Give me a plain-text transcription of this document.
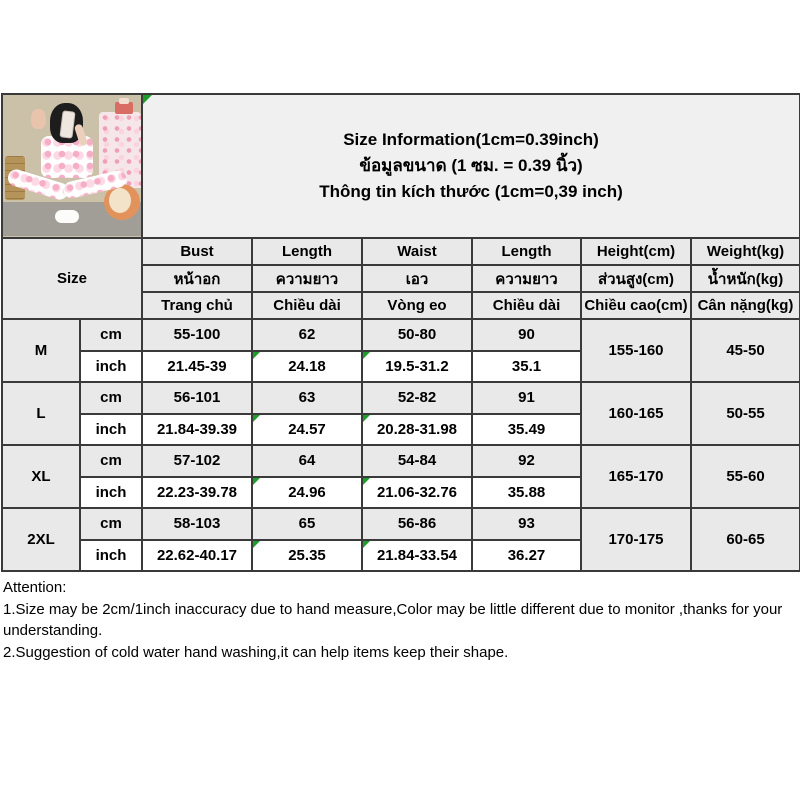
		Size Information(1cm=0.39inch)
ข้อมูลขนาด (1 ซม. = 0.39 นิ้ว)
Thông tin kích thước (1cm=0,39 inch)					

Size		Bust	Length	Waist	Length	Height(cm)	Weight(kg)
		หน้าอก	ความยาว	เอว	ความยาว	ส่วนสูง(cm)	น้ำหนัก(kg)
		Trang chủ	Chiều dài	Vòng eo	Chiều dài	Chiều cao(cm)	Cân nặng(kg)
M	cm	55-100	62	50-80	90	155-160	45-50
	inch	21.45-39	24.18	19.5-31.2	35.1		
L	cm	56-101	63	52-82	91	160-165	50-55
	inch	21.84-39.39	24.57	20.28-31.98	35.49		
XL	cm	57-102	64	54-84	92	165-170	55-60
	inch	22.23-39.78	24.96	21.06-32.76	35.88		
2XL	cm	58-103	65	56-86	93	170-175	60-65
	inch	22.62-40.17	25.35	21.84-33.54	36.27		
Attention:
1.Size may be 2cm/1inch inaccuracy due to hand measure,Color may be little different due to monitor ,thanks for your understanding.
2.Suggestion of cold water hand washing,it can help items keep their shape.
